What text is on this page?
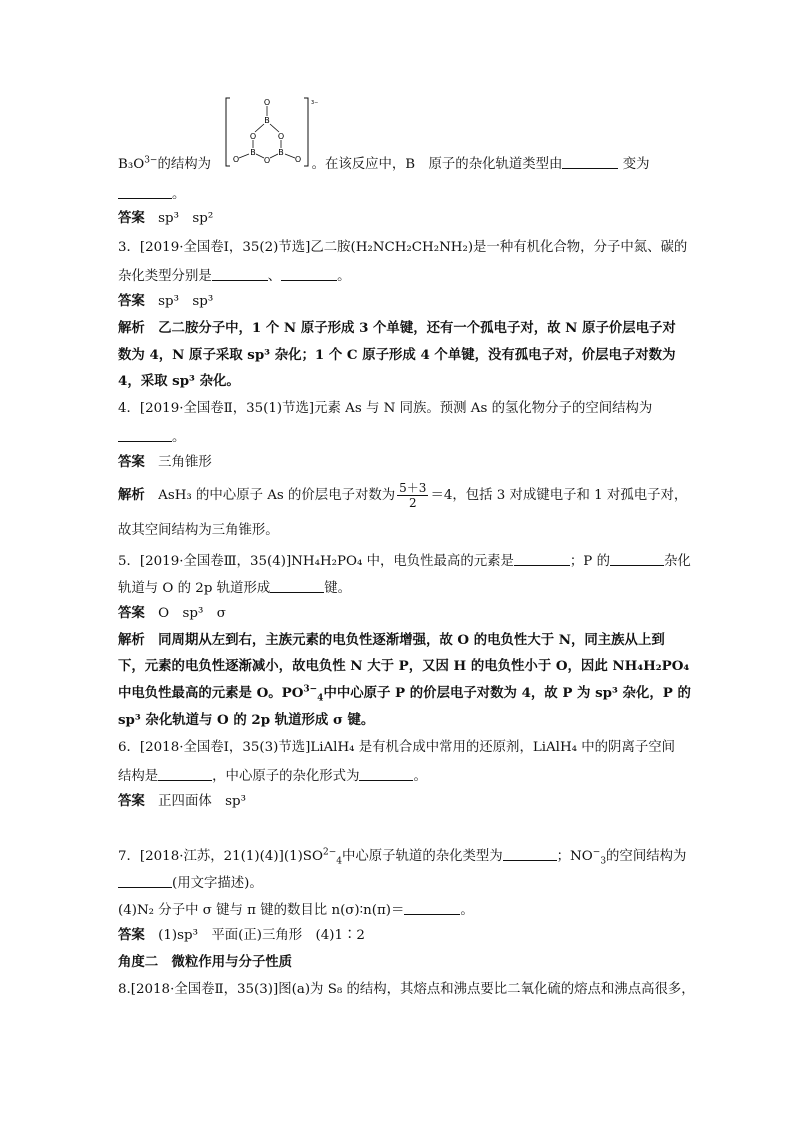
$B_3O^{3-}$的结构为	。在该反应中，B　原子的杂化轨道类型由	变为
3−
O
B
O	O
B
O
B
O	O
。
答案　 sp³　sp²
3．[2019·全国卷Ⅰ，35(2)节选]乙二胺(H₂NCH₂CH₂NH₂)是一种有机化合物，分子中氮、碳的
杂化类型分别是	、	。
答案　 sp³　sp³
解析　 乙二胺分子中，1 个 N 原子形成 3 个单键，还有一个孤电子对，故 N 原子价层电子对
数为 4，N 原子采取 sp³ 杂化；1 个 C 原子形成 4 个单键，没有孤电子对，价层电子对数为
4，采取 sp³ 杂化。
4．[2019·全国卷Ⅱ，35(1)节选]元素 As 与 N 同族。预测 As 的氢化物分子的空间结构为
。
答案　 三角锥形
解析　 AsH₃ 的中心原子 As 的价层电子对数为 $\frac{5+3}{2} =4$，包括 3 对成键电子和 1 对孤电子对，
故其空间结构为三角锥形。
5．[2019·全国卷Ⅲ，35(4)]NH₄H₂PO₄ 中，电负性最高的元素是	；P 的	杂化
轨道与 O 的 2p 轨道形成	键。
答案　 O　sp³　σ
解析　 同周期从左到右，主族元素的电负性逐渐增强，故 O 的电负性大于 N，同主族从上到
下，元素的电负性逐渐减小，故电负性 N 大于 P，又因 H 的电负性小于 O，因此 NH₄H₂PO₄
中电负性最高的元素是 O。$PO^{3-}_4$中中心原子 P 的价层电子对数为 4，故 P 为 sp³ 杂化，P 的
sp³ 杂化轨道与 O 的 2p 轨道形成 σ 键。
6．[2018·全国卷Ⅰ，35(3)节选]LiAlH₄ 是有机合成中常用的还原剂，LiAlH₄ 中的阴离子空间
结构是	，中心原子的杂化形式为	。
答案　 正四面体　sp³
7．[2018·江苏，$21(1)(4)](1)SO^{2-}_4$中心原子轨道的杂化类型为	；$NO^-_3$的空间结构为
(用文字描述)。
(4)N₂ 分子中 σ 键与 π 键的数目比 n(σ)∶n(π)＝	。
答案　 (1)sp³　平面(正)三角形　(4)1∶2
角度二　微粒作用与分子性质
8.[2018·全国卷Ⅱ，35(3)]图(a)为 S₈ 的结构，其熔点和沸点要比二氧化硫的熔点和沸点高很多，
